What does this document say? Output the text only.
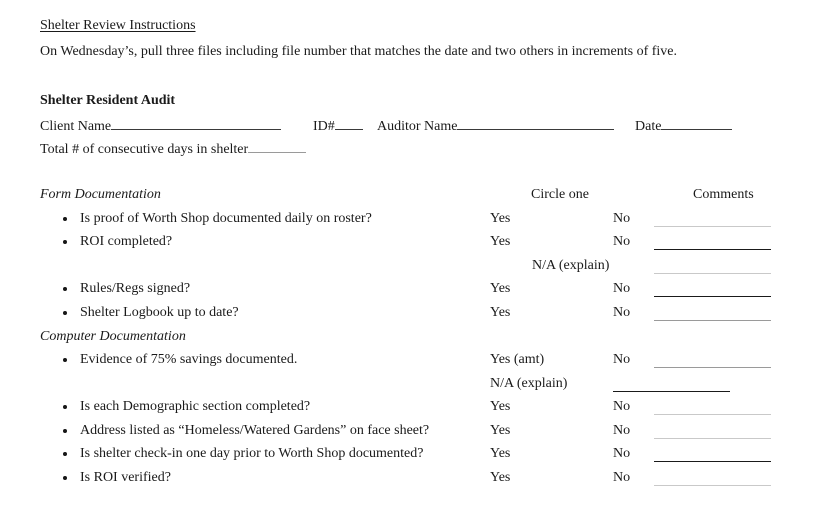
Shelter Review Instructions
On Wednesday’s, pull three files including file number that matches the date and two others in increments of five.
Shelter Resident Audit
Client Name	ID#	Auditor Name	Date
Total # of consecutive days in shelter
Form Documentation	Circle one	Comments
Is proof of Worth Shop documented daily on roster?	Yes	No
ROI completed?	Yes	No
N/A (explain)
Rules/Regs signed?	Yes	No
Shelter Logbook up to date?	Yes	No
Computer Documentation
Evidence of 75% savings documented.	Yes (amt)	No
N/A (explain)
Is each Demographic section completed?	Yes	No
Address listed as “Homeless/Watered Gardens” on face sheet?	Yes	No
Is shelter check-in one day prior to Worth Shop documented?	Yes	No
Is ROI verified?	Yes	No
